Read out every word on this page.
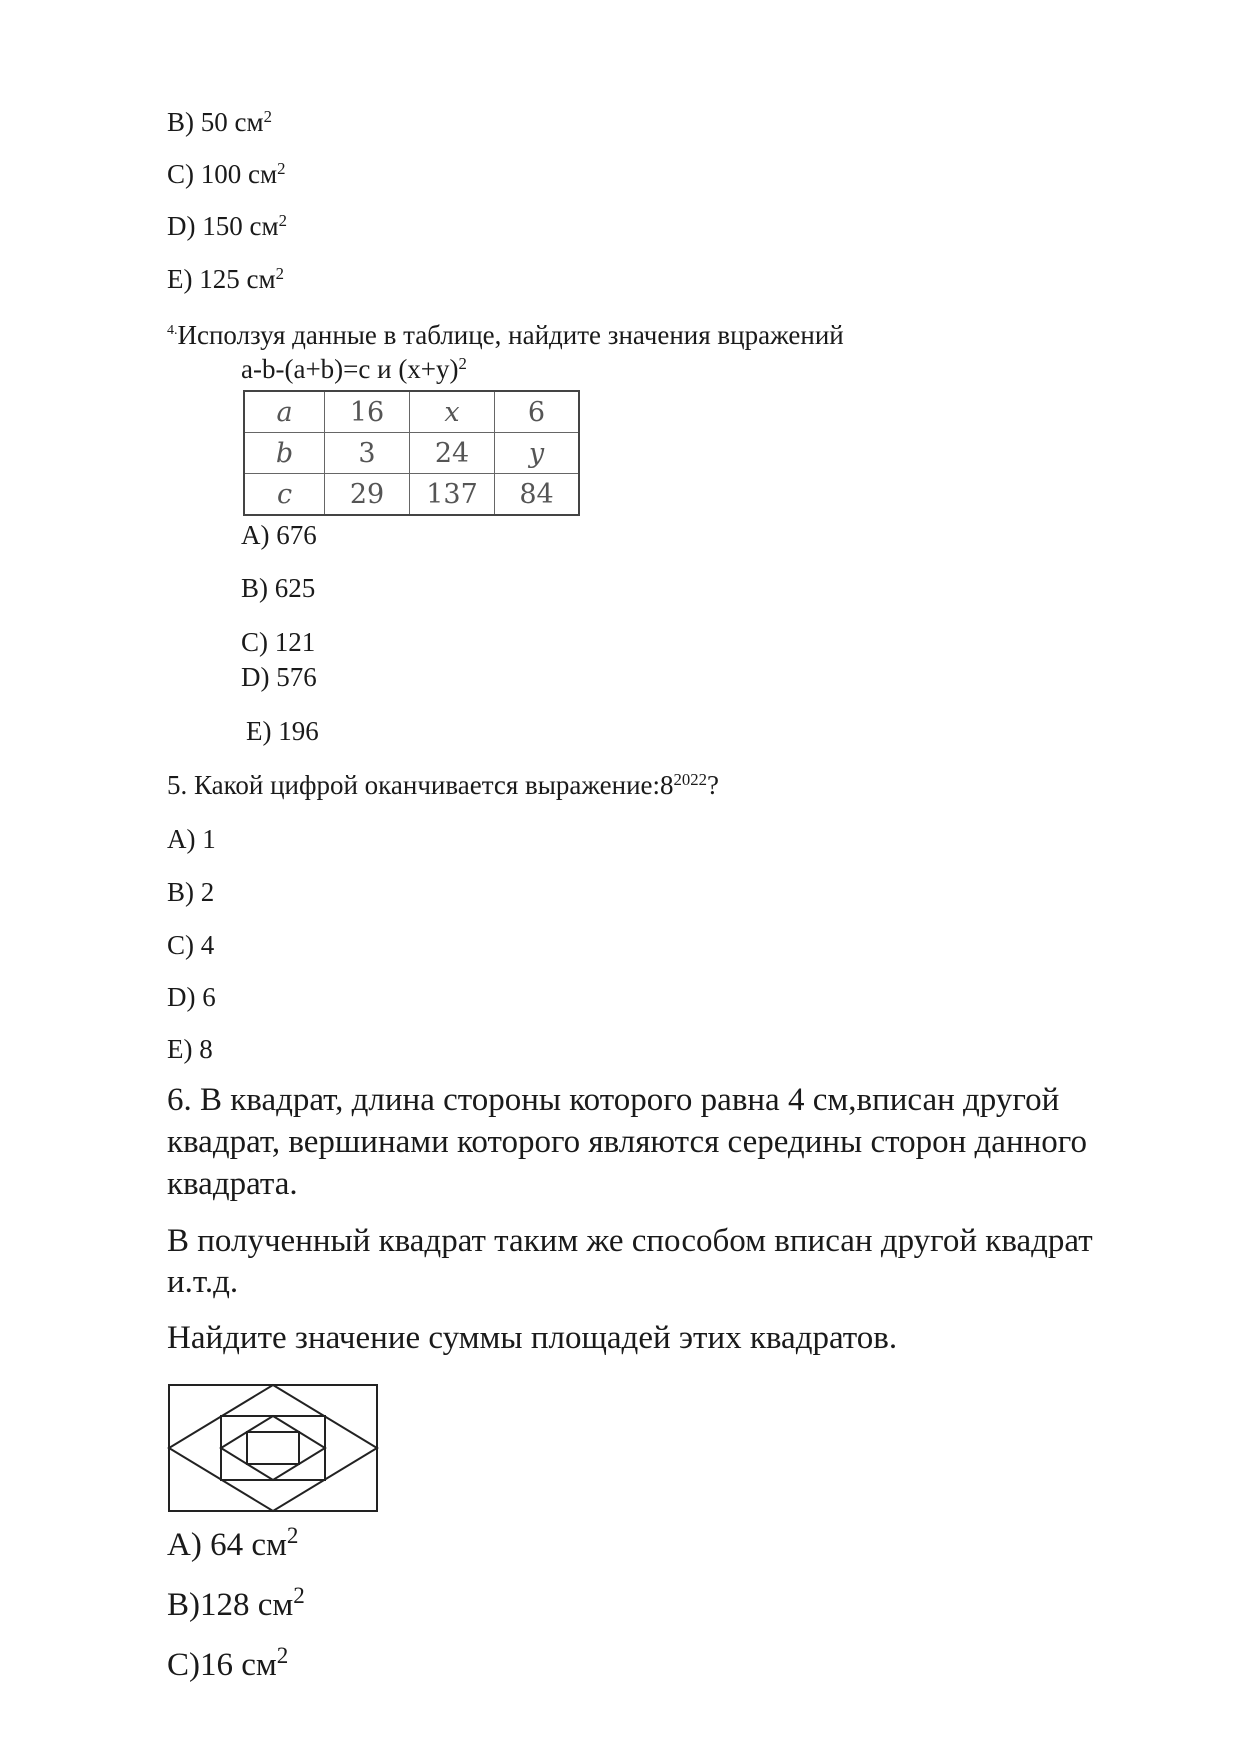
B) 50 $см^2$
C) 100 $см^2$
D) 150 $см^2$
E) 125 $см^2$
$^{4.}$Исползуя данные в таблице, найдите значения вцражений
a-b-(a+b)=c и $(x+y)^2$
a	16	x	6
b	3	24	y
c	29	137	84
A) 676
B) 625
C) 121
D) 576
E) 196
5. Какой цифрой оканчивается $выражение:8^{2022}$?
A) 1
B) 2
C) 4
D) 6
E) 8
6. В квадрат, длина стороны которого равна 4 см,вписан другой
квадрат, вершинами которого являются середины сторон данного
квадрата.
В полученный квадрат таким же способом вписан другой квадрат
и.т.д.
Найдите значение суммы площадей этих квадратов.
A) 64 $см^2$
B)128 $см^2$
C)16 $см^2$
